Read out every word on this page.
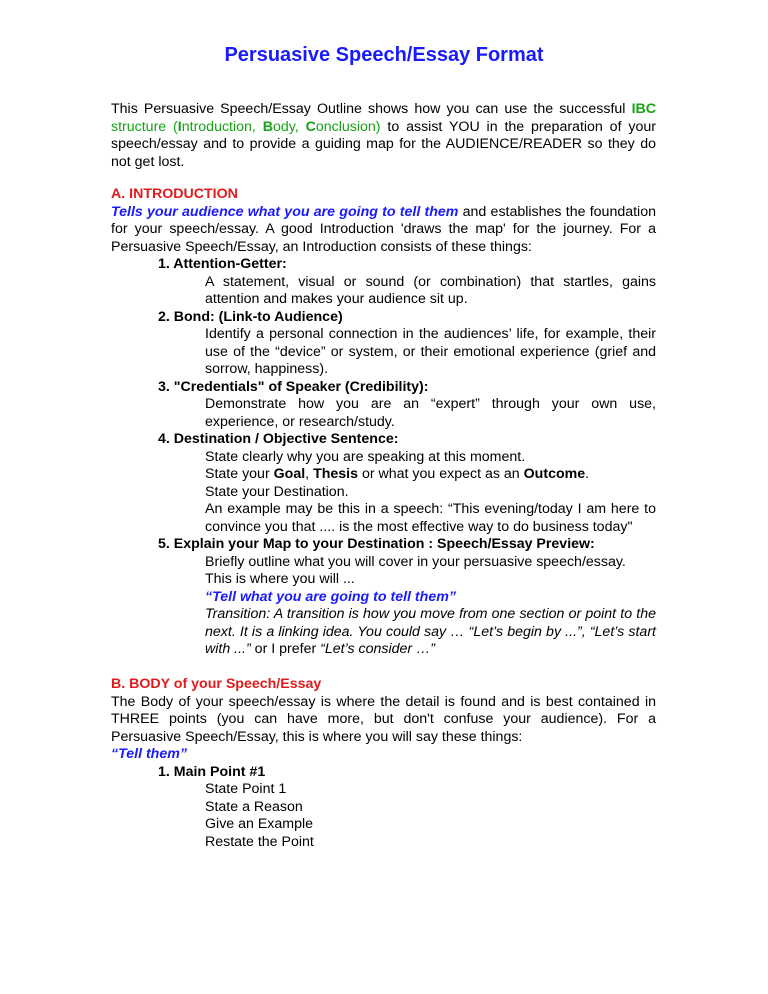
Persuasive Speech/Essay Format
This Persuasive Speech/Essay Outline shows how you can use the successful IBC structure (Introduction, Body, Conclusion) to assist YOU in the preparation of your speech/essay and to provide a guiding map for the AUDIENCE/READER so they do not get lost.
A. INTRODUCTION
Tells your audience what you are going to tell them and establishes the foundation for your speech/essay. A good Introduction 'draws the map' for the journey. For a Persuasive Speech/Essay, an Introduction consists of these things:
1. Attention-Getter:
A statement, visual or sound (or combination) that startles, gains attention and makes your audience sit up.
2. Bond: (Link-to Audience)
Identify a personal connection in the audiences’ life, for example, their use of the “device” or system, or their emotional experience (grief and sorrow, happiness).
3. "Credentials" of Speaker (Credibility):
Demonstrate how you are an “expert” through your own use, experience, or research/study.
4. Destination / Objective Sentence:
State clearly why you are speaking at this moment.
State your Goal, Thesis or what you expect as an Outcome.
State your Destination.
An example may be this in a speech: “This evening/today I am here to convince you that .... is the most effective way to do business today"
5. Explain your Map to your Destination : Speech/Essay Preview:
Briefly outline what you will cover in your persuasive speech/essay.
This is where you will ...
“Tell what you are going to tell them”
Transition: A transition is how you move from one section or point to the next. It is a linking idea. You could say … “Let’s begin by ...”, “Let’s start with ...” or I prefer “Let’s consider …”
B. BODY of your Speech/Essay
The Body of your speech/essay is where the detail is found and is best contained in THREE points (you can have more, but don't confuse your audience). For a Persuasive Speech/Essay, this is where you will say these things:
“Tell them”
1. Main Point #1
State Point 1
State a Reason
Give an Example
Restate the Point
